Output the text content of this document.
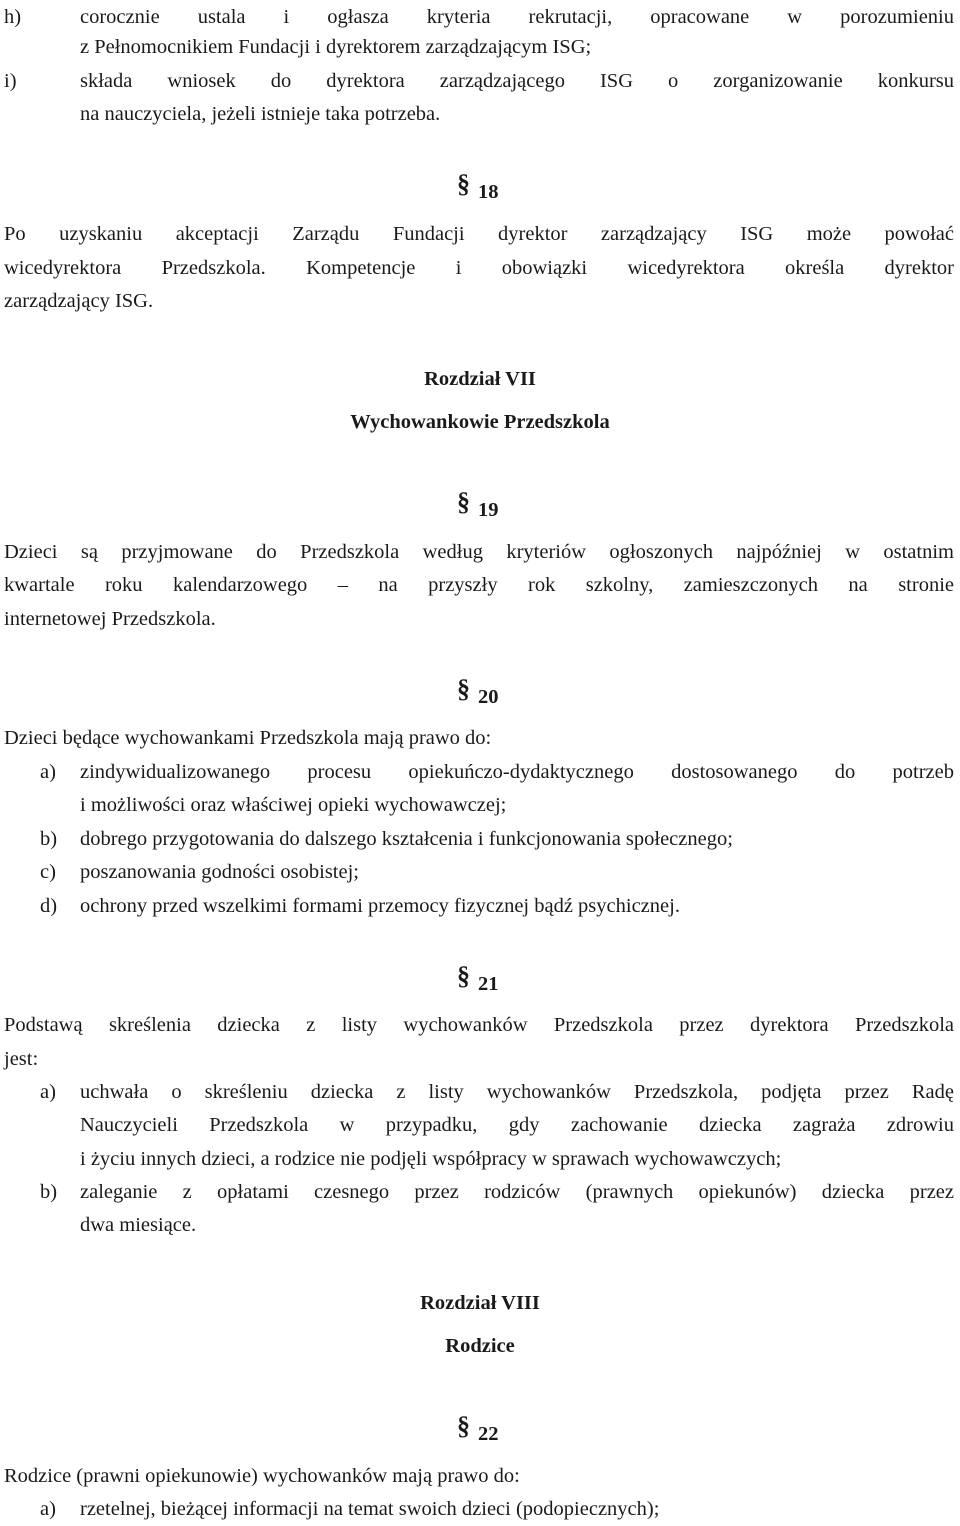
h)	corocznie ustala i ogłasza kryteria rekrutacji, opracowane w porozumieniu
z Pełnomocnikiem Fundacji i dyrektorem zarządzającym ISG;
i)	składa wniosek do dyrektora zarządzającego ISG o zorganizowanie konkursu
na nauczyciela, jeżeli istnieje taka potrzeba.
§ 18
Po uzyskaniu akceptacji Zarządu Fundacji dyrektor zarządzający ISG może powołać
wicedyrektora Przedszkola. Kompetencje i obowiązki wicedyrektora określa dyrektor
zarządzający ISG.
Rozdział VII
Wychowankowie Przedszkola
§ 19
Dzieci są przyjmowane do Przedszkola według kryteriów ogłoszonych najpóźniej w ostatnim
kwartale roku kalendarzowego – na przyszły rok szkolny, zamieszczonych na stronie
internetowej Przedszkola.
§ 20
Dzieci będące wychowankami Przedszkola mają prawo do:
a) zindywidualizowanego procesu opiekuńczo-dydaktycznego dostosowanego do potrzeb
i możliwości oraz właściwej opieki wychowawczej;
b) dobrego przygotowania do dalszego kształcenia i funkcjonowania społecznego;
c) poszanowania godności osobistej;
d) ochrony przed wszelkimi formami przemocy fizycznej bądź psychicznej.
§ 21
Podstawą skreślenia dziecka z listy wychowanków Przedszkola przez dyrektora Przedszkola
jest:
a) uchwała o skreśleniu dziecka z listy wychowanków Przedszkola, podjęta przez Radę
Nauczycieli Przedszkola w przypadku, gdy zachowanie dziecka zagraża zdrowiu
i życiu innych dzieci, a rodzice nie podjęli współpracy w sprawach wychowawczych;
b) zaleganie z opłatami czesnego przez rodziców (prawnych opiekunów) dziecka przez
dwa miesiące.
Rozdział VIII
Rodzice
§ 22
Rodzice (prawni opiekunowie) wychowanków mają prawo do:
a) rzetelnej, bieżącej informacji na temat swoich dzieci (podopiecznych);
